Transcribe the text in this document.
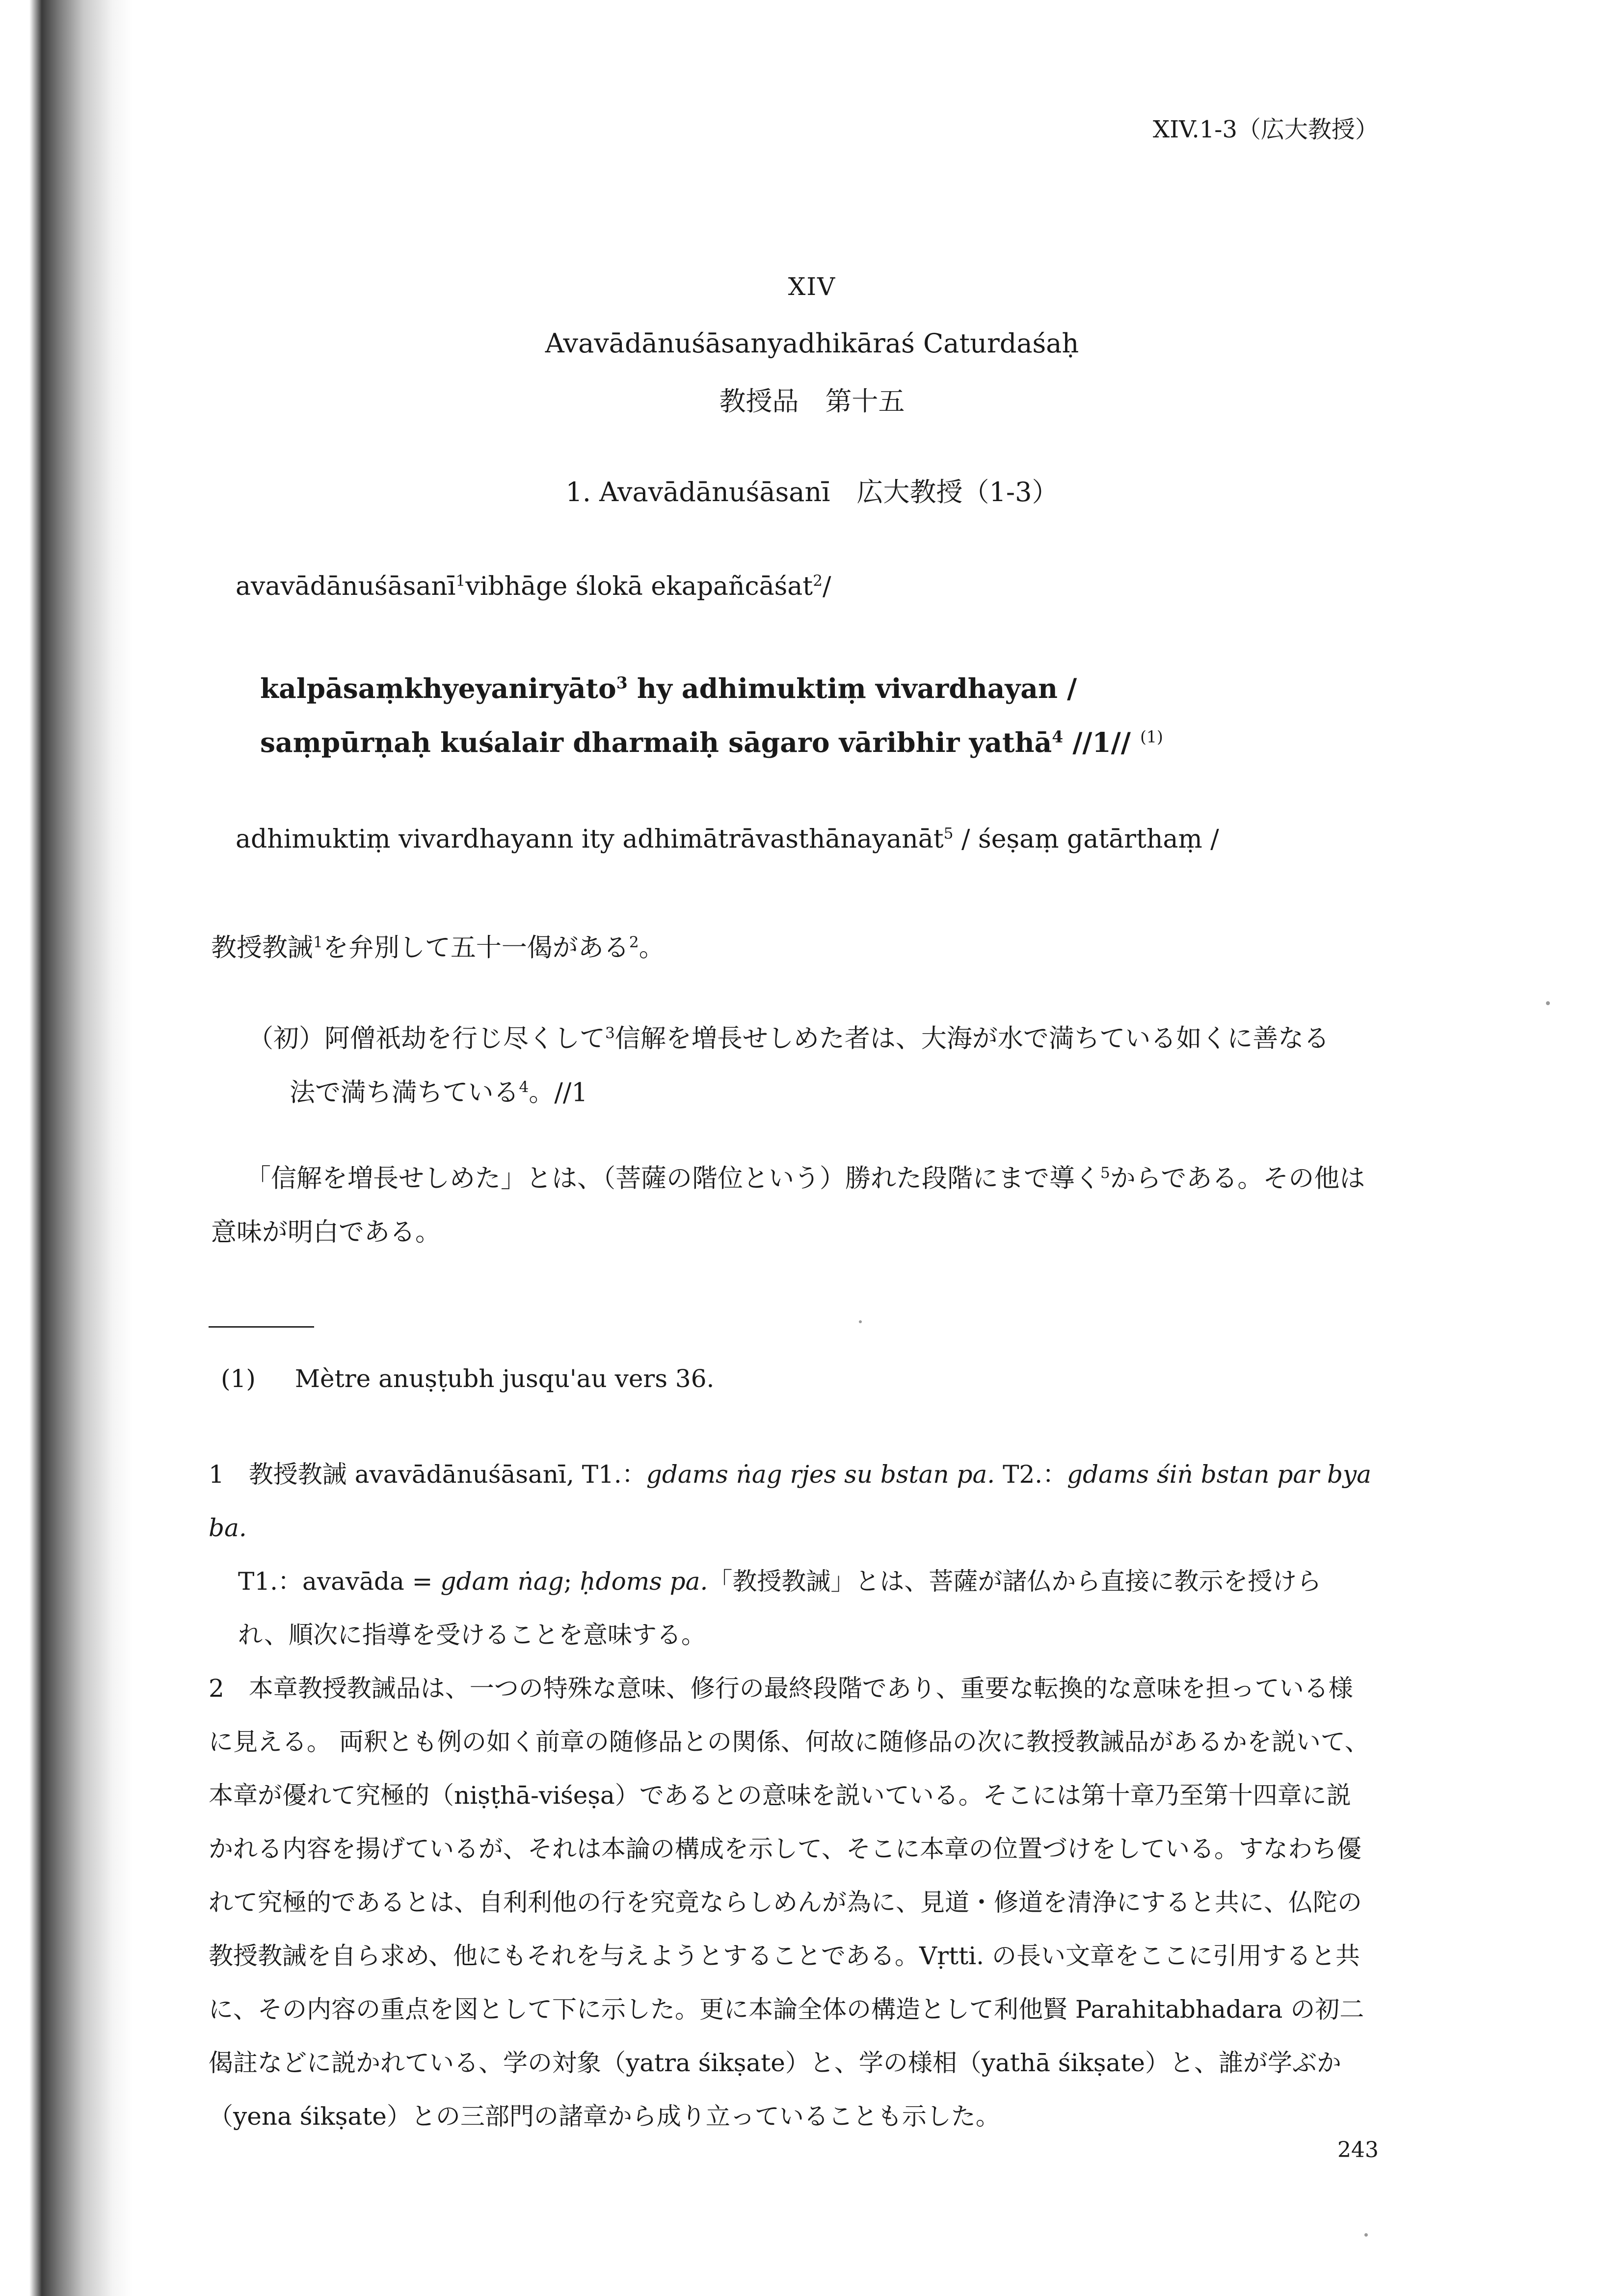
XIV.1-3（広大教授）
XIV
Avavādānuśāsanyadhikāraś Caturdaśaḥ
教授品　第十五
1. Avavādānuśāsanī　広大教授（1-3）
avavādānuśāsanī$^1$vibhāge ślokā ekapañcāśat$^2$/
kalpāsaṃkhyeyaniryāto$^3$ hy adhimuktiṃ vivardhayan /
saṃpūrṇaḥ kuśalair dharmaiḥ sāgaro vāribhir yathā$^4$ //1// $^{(1)}$
adhimuktiṃ vivardhayann ity adhimātrāvasthānayanāt$^5$ / śeṣaṃ gatārthaṃ /
教授教誡$^1$を弁別して五十一偈がある$^2$。
（初）阿僧祇劫を行じ尽くして$^3$信解を増長せしめた者は、大海が水で満ちている如くに善なる
法で満ち満ちている$^4$。//1
「信解を増長せしめた」とは、（菩薩の階位という）勝れた段階にまで導く$^5$からである。その他は意味が明白である。
(1) Mètre anuṣṭubh jusqu'au vers 36.

1　教授教誡 avavādānuśāsanī, T1.：gdams ṅag rjes su bstan pa. T2.：gdams śiṅ bstan par bya ba.

T1.：avavāda = gdam ṅag; ḥdoms pa.「教授教誡」とは、菩薩が諸仏から直接に教示を授けられ、順次に指導を受けることを意味する。

2　本章教授教誡品は、一つの特殊な意味、修行の最終段階であり、重要な転換的な意味を担っている様に見える。 両釈とも例の如く前章の随修品との関係、何故に随修品の次に教授教誡品があるかを説いて、本章が優れて究極的（niṣṭhā-viśeṣa）であるとの意味を説いている。そこには第十章乃至第十四章に説かれる内容を揚げているが、それは本論の構成を示して、そこに本章の位置づけをしている。すなわち優れて究極的であるとは、自利利他の行を究竟ならしめんが為に、見道・修道を清浄にすると共に、仏陀の教授教誡を自ら求め、他にもそれを与えようとすることである。Vṛtti. の長い文章をここに引用すると共に、その内容の重点を図として下に示した。更に本論全体の構造として利他賢 Parahitabhadara の初二偈註などに説かれている、学の対象（yatra śikṣate）と、学の様相（yathā śikṣate）と、誰が学ぶか（yena śikṣate）との三部門の諸章から成り立っていることも示した。

243
